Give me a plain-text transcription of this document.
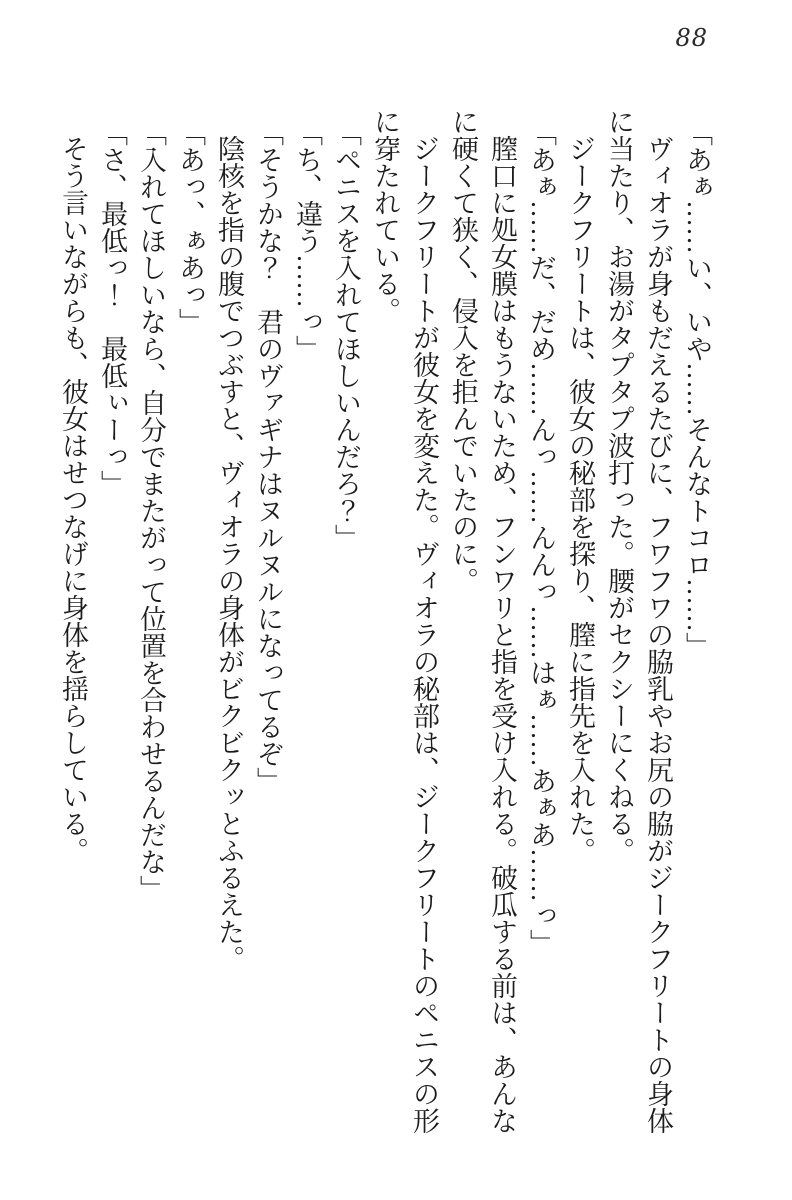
88

「あぁ……い、いや……そんなトコロ……」

ヴィオラが身もだえるたびに、フワフワの脇乳やお尻の脇がジークフリートの身体に当たり、お湯がタプタプ波打った。腰がセクシーにくねる。

ジークフリートは、彼女の秘部を探り、膣に指先を入れた。

「あぁ……だ、だめ……んっ……んんっ……はぁ……あぁあ……っ」

膣口に処女膜はもうないため、フンワリと指を受け入れる。破瓜する前は、あんなに硬くて狭く、侵入を拒んでいたのに。

ジークフリートが彼女を変えた。ヴィオラの秘部は、ジークフリートのペニスの形に穿たれている。

「ペニスを入れてほしいんだろ？」

「ち、違う……っ」

「そうかな？　君のヴァギナはヌルヌルになってるぞ」

陰核を指の腹でつぶすと、ヴィオラの身体がビクビクッとふるえた。

「あっ、ぁあっ」

「入れてほしいなら、自分でまたがって位置を合わせるんだな」

「さ、最低っ！　最低ぃーっ」

そう言いながらも、彼女はせつなげに身体を揺らしている。
